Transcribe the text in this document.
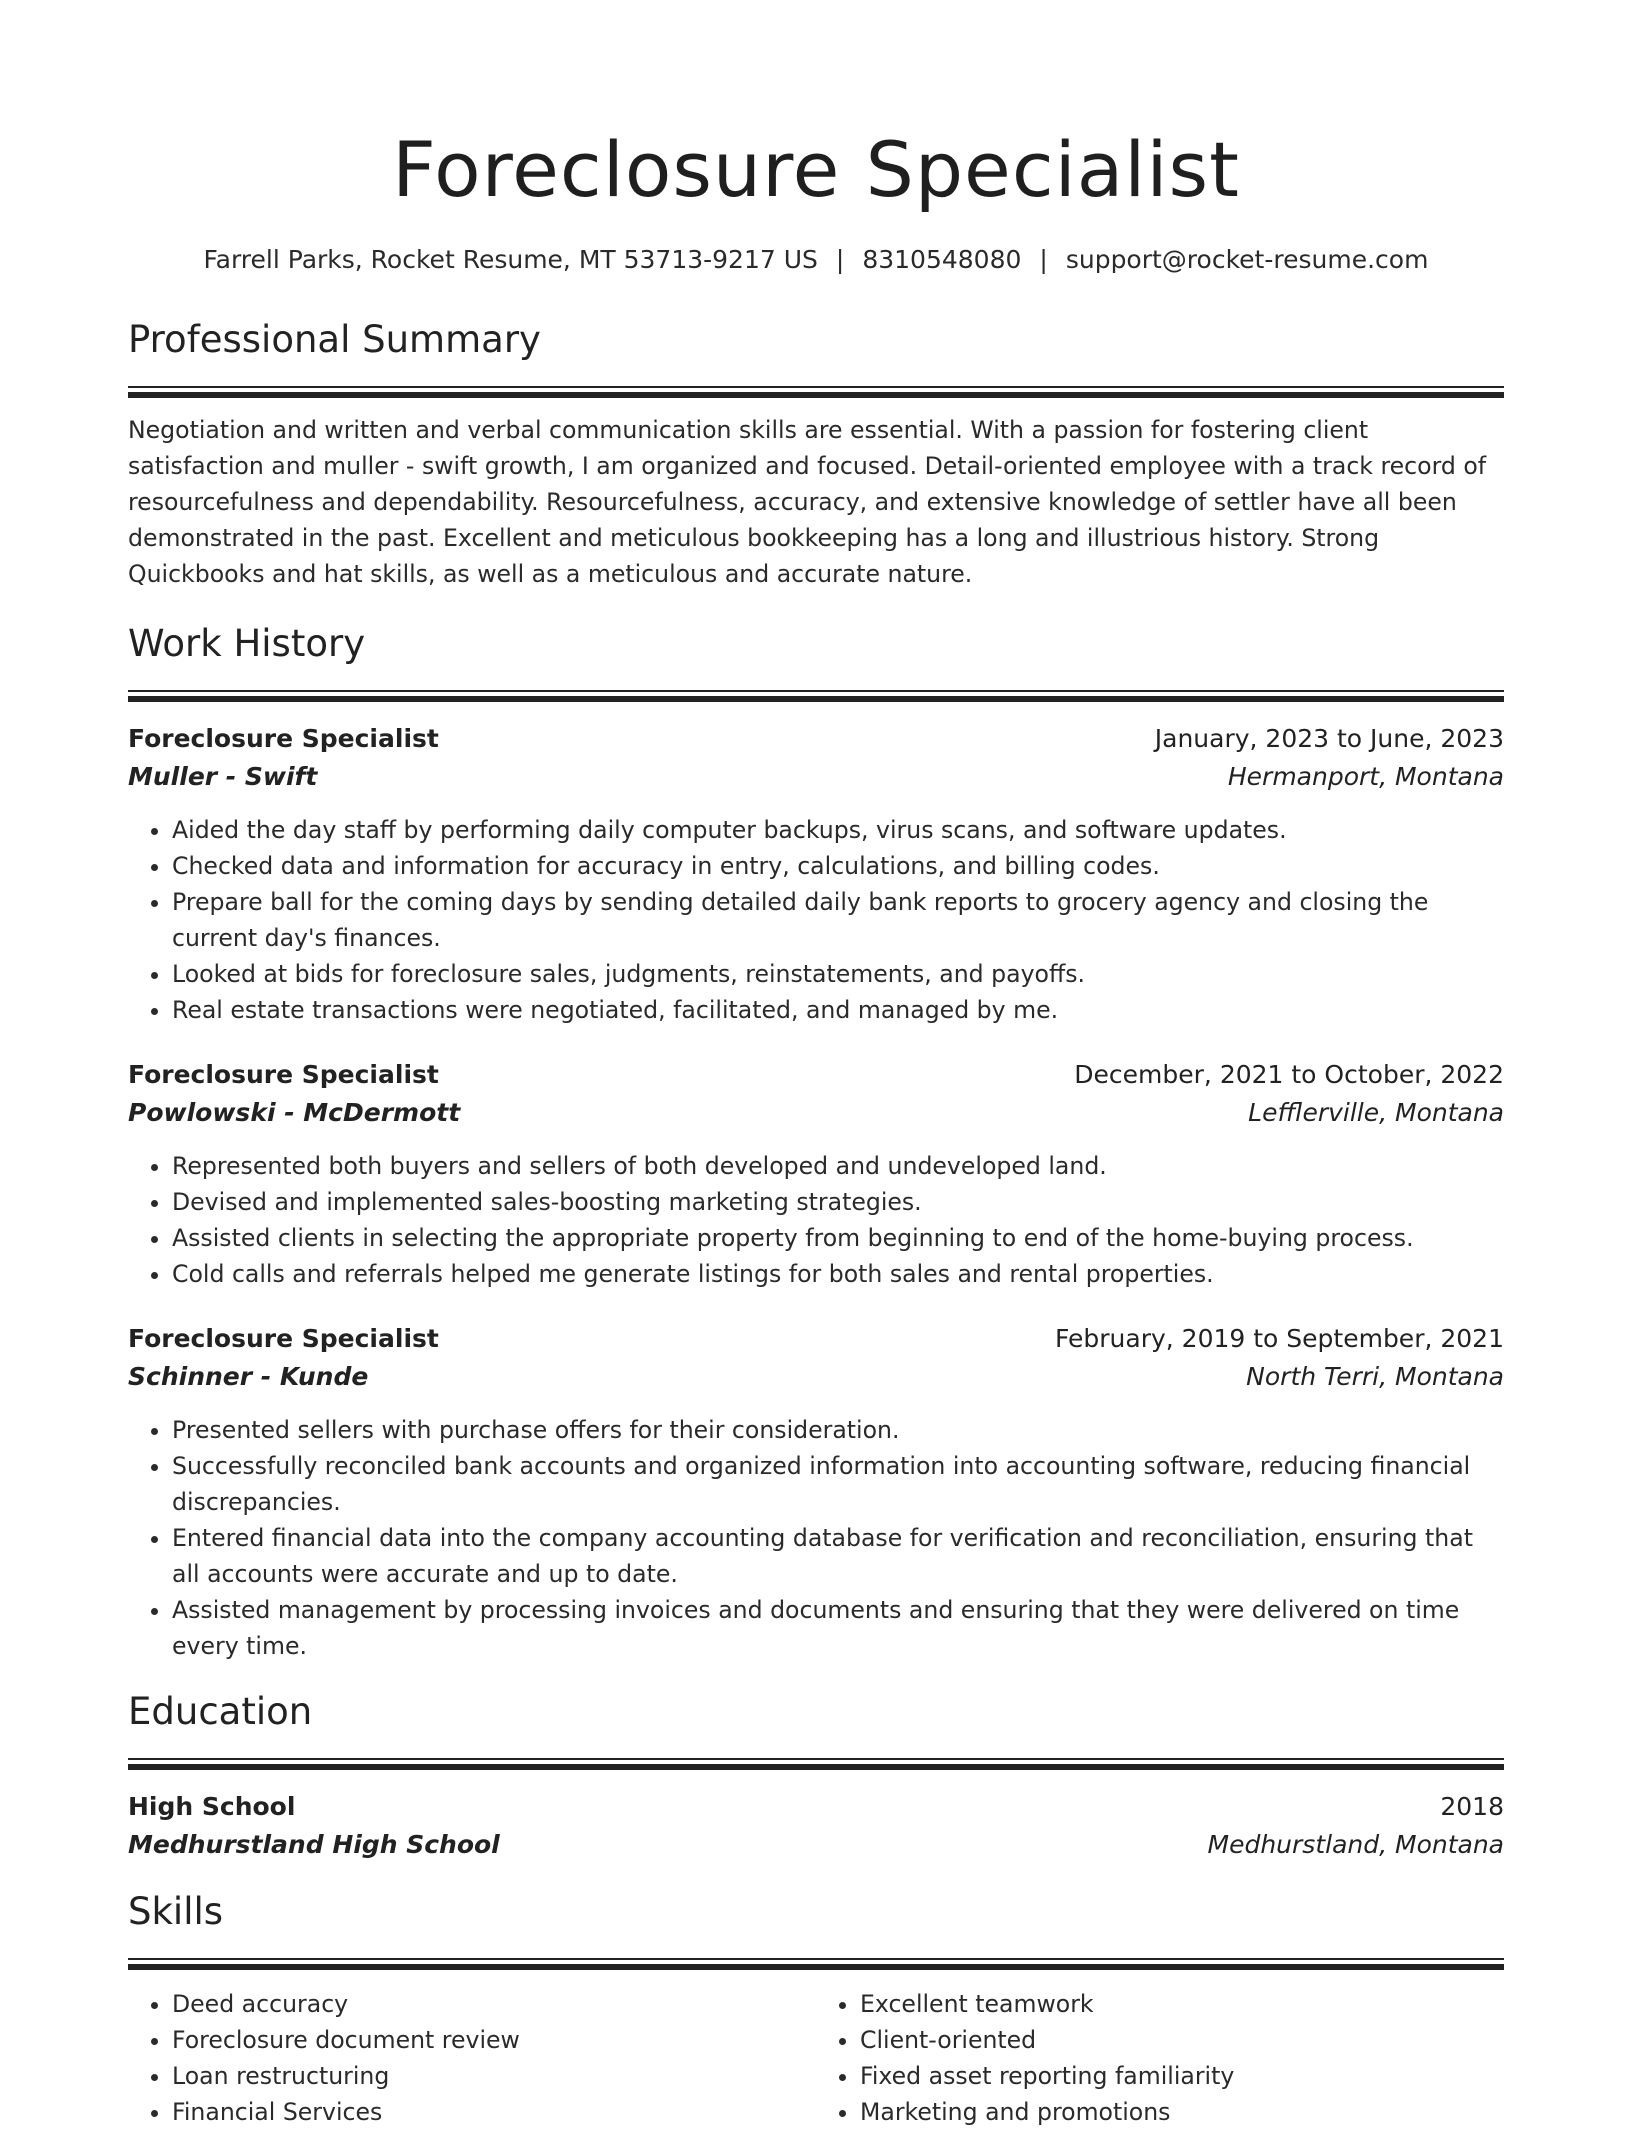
Foreclosure Specialist
Farrell Parks, Rocket Resume, MT 53713-9217 US | 8310548080 | support@rocket-resume.com
Professional Summary
Negotiation and written and verbal communication skills are essential. With a passion for fostering client satisfaction and muller - swift growth, I am organized and focused. Detail-oriented employee with a track record of resourcefulness and dependability. Resourcefulness, accuracy, and extensive knowledge of settler have all been demonstrated in the past. Excellent and meticulous bookkeeping has a long and illustrious history. Strong Quickbooks and hat skills, as well as a meticulous and accurate nature.
Work History
Foreclosure Specialist	January, 2023 to June, 2023
Muller - Swift	Hermanport, Montana
• Aided the day staff by performing daily computer backups, virus scans, and software updates.
• Checked data and information for accuracy in entry, calculations, and billing codes.
• Prepare ball for the coming days by sending detailed daily bank reports to grocery agency and closing the current day's finances.
• Looked at bids for foreclosure sales, judgments, reinstatements, and payoffs.
• Real estate transactions were negotiated, facilitated, and managed by me.
Foreclosure Specialist	December, 2021 to October, 2022
Powlowski - McDermott	Lefflerville, Montana
• Represented both buyers and sellers of both developed and undeveloped land.
• Devised and implemented sales-boosting marketing strategies.
• Assisted clients in selecting the appropriate property from beginning to end of the home-buying process.
• Cold calls and referrals helped me generate listings for both sales and rental properties.
Foreclosure Specialist	February, 2019 to September, 2021
Schinner - Kunde	North Terri, Montana
• Presented sellers with purchase offers for their consideration.
• Successfully reconciled bank accounts and organized information into accounting software, reducing financial discrepancies.
• Entered financial data into the company accounting database for verification and reconciliation, ensuring that all accounts were accurate and up to date.
• Assisted management by processing invoices and documents and ensuring that they were delivered on time every time.
Education
High School	2018
Medhurstland High School	Medhurstland, Montana
Skills
• Deed accuracy
• Foreclosure document review
• Loan restructuring
• Financial Services
• Excellent teamwork
• Client-oriented
• Fixed asset reporting familiarity
• Marketing and promotions
